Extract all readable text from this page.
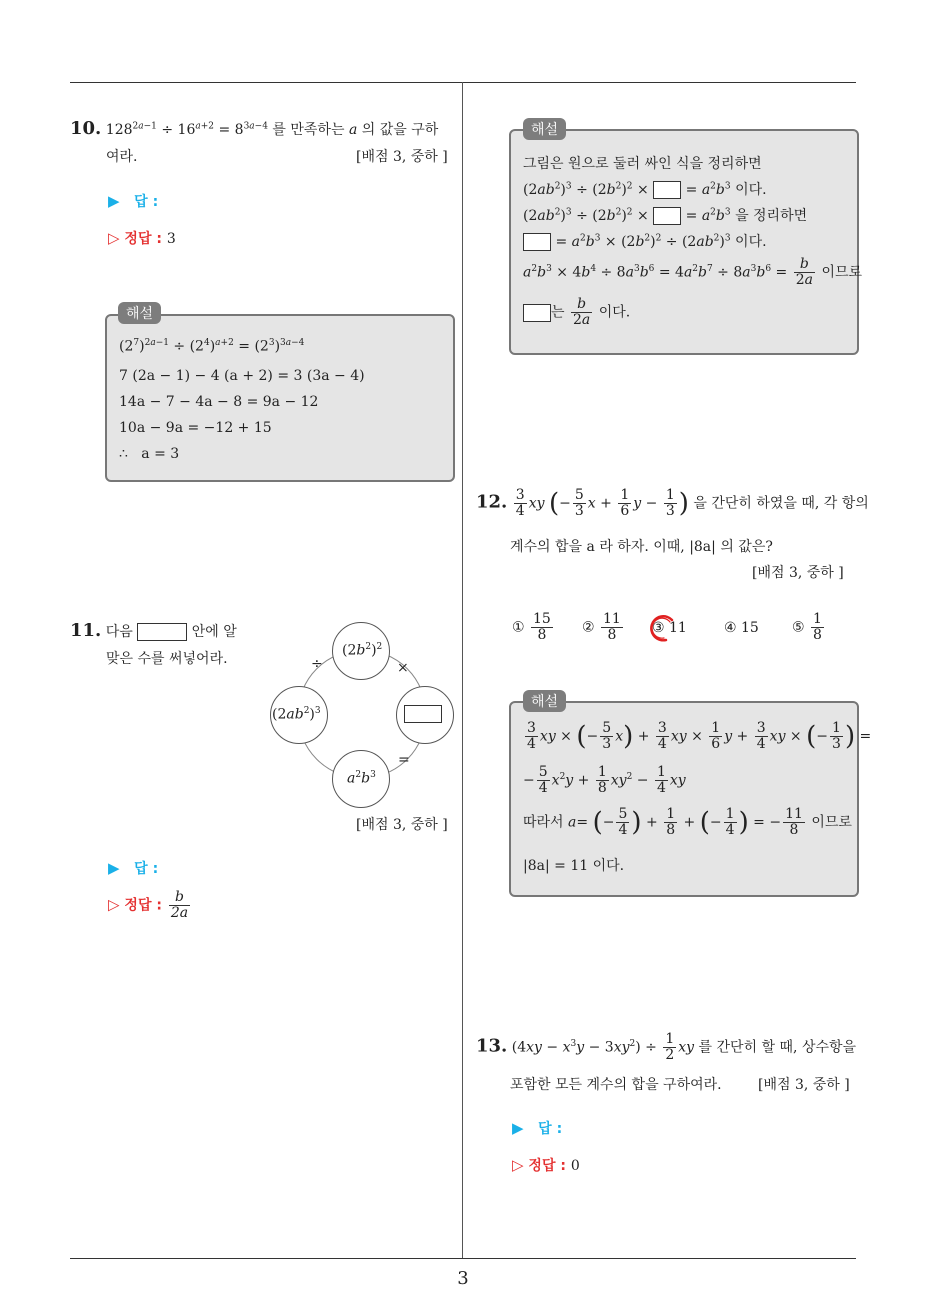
10. $128^{2a-1} \div 16^{a+2} = 8^{3a-4}$ 를 만족하는 a 의 값을 구하
여라.	[배점 3, 중하 ]
▶ 답 :
▷ 정답 : 3
$(2^7)^{2a-1} \div (2^4)^{a+2} = (2^3)^{3a-4}$
7 (2a − 1) − 4 (a + 2) = 3 (3a − 4)
14a − 7 − 4a − 8 = 9a − 12
10a − 9a = −12 + 15
∴ a = 3
해설
11. 다음	안에 알
맞은 수를 써넣어라.
$(2b^2)^2$
$(2ab^2)^3$
$a^2b^3$
÷	×
=
[배점 3, 중하 ]
▶ 답 :
▷ 정답 : $\frac{b}{2a}$
그림은 원으로 둘러 싸인 식을 정리하면
$(2ab^2)^3 \div (2b^2)^2$ ×  = $a^2b^3$ 이다.
$(2ab^2)^3 \div (2b^2)^2$ ×  = $a^2b^3$ 을 정리하면
= $a^2b^3 \times (2b^2)^2 \div (2ab^2)^3$ 이다.
$a^2b^3 \times 4b^4 \div 8a^3b^6 = 4a^2b^7 \div 8a^3b^6 = \frac{b}{2a}$ 이므로
는 $\frac{b}{2a}$ 이다.
해설
12. $\frac{3}{4}$ xy (− $\frac{5}{3}$ $x + \frac{1}{6}$ $y - \frac{1}{3}$ ) 을 간단히 하였을 때, 각 항의
계수의 합을 a 라 하자. 이때, |8a| 의 값은?
[배점 3, 중하 ]
① $\frac{15}{8}$ ② $\frac{11}{8}$ ③ 11	④ 15 ⑤ $\frac{1}{8}$
$\frac{3}{4}$ xy × (− $\frac{5}{3} x) + \frac{3}{4}$ xy × $\frac{1}{6}$ $y + \frac{3}{4}$ xy × (− $\frac{1}{3}$ ) =
− $\frac{5}{4} x^2y + \frac{1}{8} xy^2 - \frac{1}{4}$ xy
따라서 a= (− $\frac{5}{4}$ ) + $\frac{1}{8}$ + (− $\frac{1}{4}$ ) = − $\frac{11}{8}$ 이므로
|8a| = 11 이다.
해설
13. $(4xy - x^3y - 3xy^2) \div \frac{1}{2}$ xy 를 간단히 할 때, 상수항을
포함한 모든 계수의 합을 구하여라.	[배점 3, 중하 ]
▶ 답 :
▷ 정답 : 0
3
